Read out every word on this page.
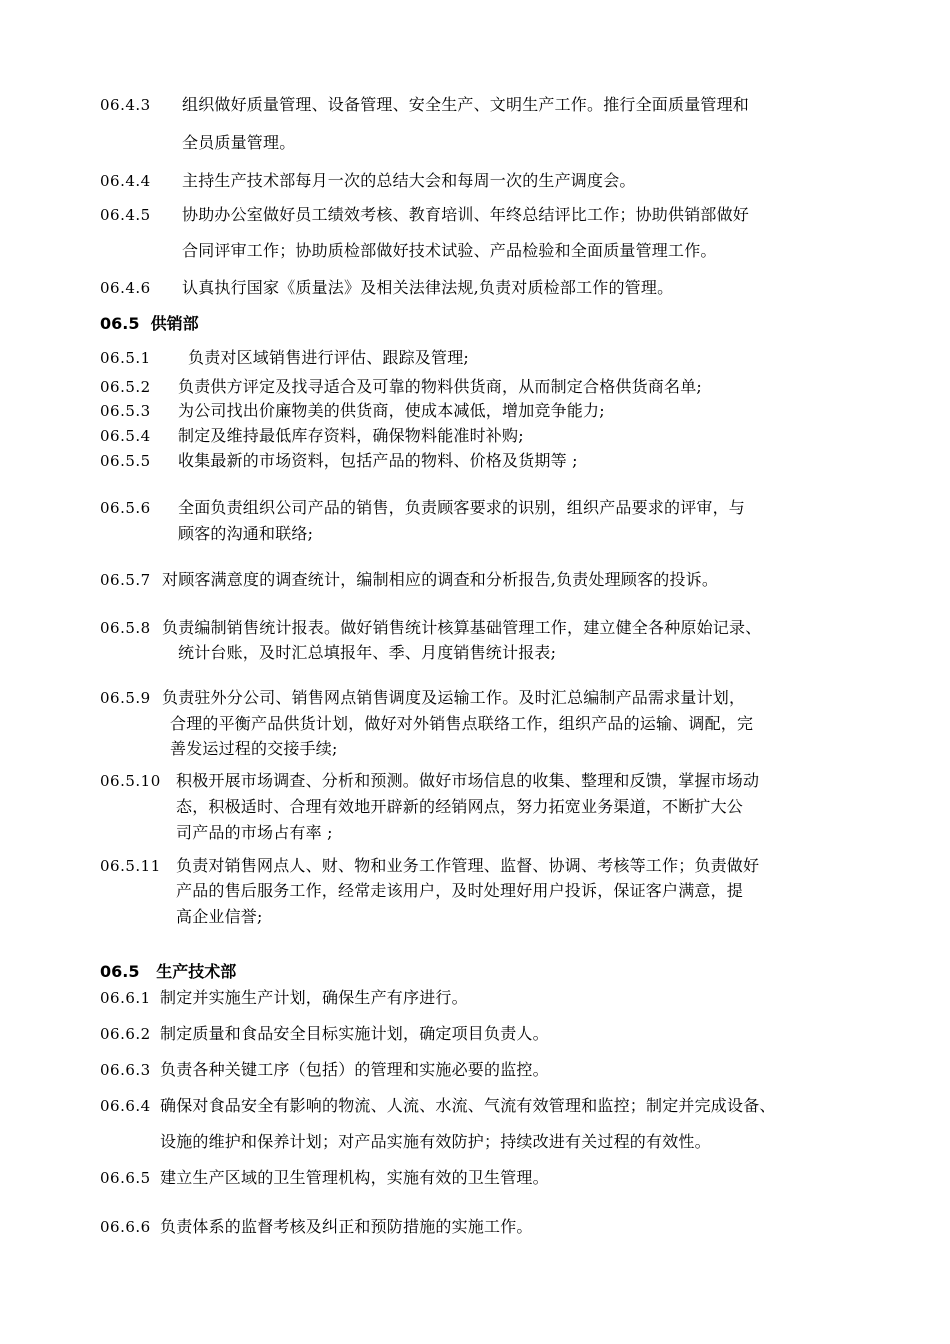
06.4.3 组织做好质量管理、设备管理、安全生产、文明生产工作。推行全面质量管理和
全员质量管理。
06.4.4 主持生产技术部每月一次的总结大会和每周一次的生产调度会。
06.4.5 协助办公室做好员工绩效考核、教育培训、年终总结评比工作；协助供销部做好
合同评审工作；协助质检部做好技术试验、产品检验和全面质量管理工作。
06.4.6 认真执行国家《质量法》及相关法律法规,负责对质检部工作的管理。
06.5  供销部
06.5.1 负责对区域销售进行评估、跟踪及管理;
06.5.2 负责供方评定及找寻适合及可靠的物料供货商，从而制定合格供货商名单;
06.5.3 为公司找出价廉物美的供货商，使成本减低，增加竞争能力;
06.5.4 制定及维持最低库存资料，确保物料能准时补购;
06.5.5 收集最新的市场资料，包括产品的物料、价格及货期等 ;
06.5.6 全面负责组织公司产品的销售，负责顾客要求的识别，组织产品要求的评审，与
顾客的沟通和联络;
06.5.7 对顾客满意度的调查统计，编制相应的调查和分析报告,负责处理顾客的投诉。
06.5.8 负责编制销售统计报表。做好销售统计核算基础管理工作，建立健全各种原始记录、
统计台账，及时汇总填报年、季、月度销售统计报表;
06.5.9 负责驻外分公司、销售网点销售调度及运输工作。及时汇总编制产品需求量计划，
合理的平衡产品供货计划，做好对外销售点联络工作，组织产品的运输、调配，完
善发运过程的交接手续;
06.5.10 积极开展市场调查、分析和预测。做好市场信息的收集、整理和反馈，掌握市场动
态，积极适时、合理有效地开辟新的经销网点，努力拓宽业务渠道，不断扩大公
司产品的市场占有率 ;
06.5.11 负责对销售网点人、财、物和业务工作管理、监督、协调、考核等工作；负责做好
产品的售后服务工作，经常走该用户，及时处理好用户投诉，保证客户满意，提
高企业信誉;
06.5   生产技术部
06.6.1 制定并实施生产计划，确保生产有序进行。
06.6.2 制定质量和食品安全目标实施计划，确定项目负责人。
06.6.3 负责各种关键工序（包括）的管理和实施必要的监控。
06.6.4 确保对食品安全有影响的物流、人流、水流、气流有效管理和监控；制定并完成设备、
设施的维护和保养计划；对产品实施有效防护；持续改进有关过程的有效性。
06.6.5 建立生产区域的卫生管理机构，实施有效的卫生管理。
06.6.6 负责体系的监督考核及纠正和预防措施的实施工作。
